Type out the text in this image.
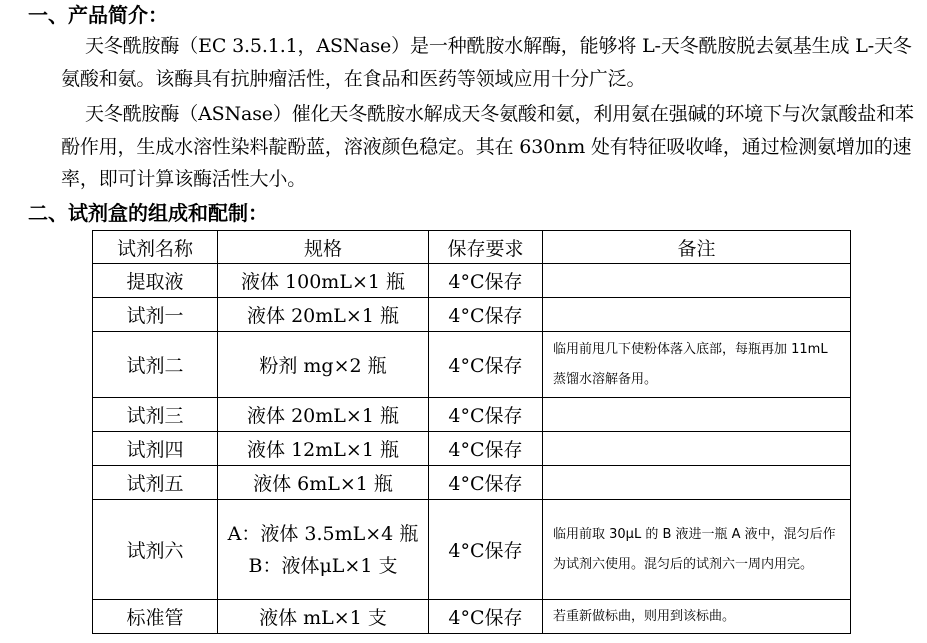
一、产品简介：

天冬酰胺酶（EC 3.5.1.1，ASNase）是一种酰胺水解酶，能够将 L-天冬酰胺脱去氨基生成 L-天冬氨酸和氨。该酶具有抗肿瘤活性，在食品和医药等领域应用十分广泛。

天冬酰胺酶（ASNase）催化天冬酰胺水解成天冬氨酸和氨，利用氨在强碱的环境下与次氯酸盐和苯酚作用，生成水溶性染料靛酚蓝，溶液颜色稳定。其在 630nm 处有特征吸收峰，通过检测氨增加的速率，即可计算该酶活性大小。

二、试剂盒的组成和配制：
试剂名称	规格	保存要求	备注
提取液	液体 100mL×1 瓶	4°C保存	
试剂一	液体 20mL×1 瓶	4°C保存	
试剂二	粉剂 mg×2 瓶	4°C保存	临用前甩几下使粉体落入底部，每瓶再加 11mL 蒸馏水溶解备用。
试剂三	液体 20mL×1 瓶	4°C保存	
试剂四	液体 12mL×1 瓶	4°C保存	
试剂五	液体 6mL×1 瓶	4°C保存	
试剂六	A：液体 3.5mL×4 瓶
B：液体μL×1 支	4°C保存	临用前取 30μL 的 B 液进一瓶 A 液中，混匀后作为试剂六使用。混匀后的试剂六一周内用完。
标准管	液体 mL×1 支	4°C保存	若重新做标曲，则用到该标曲。
